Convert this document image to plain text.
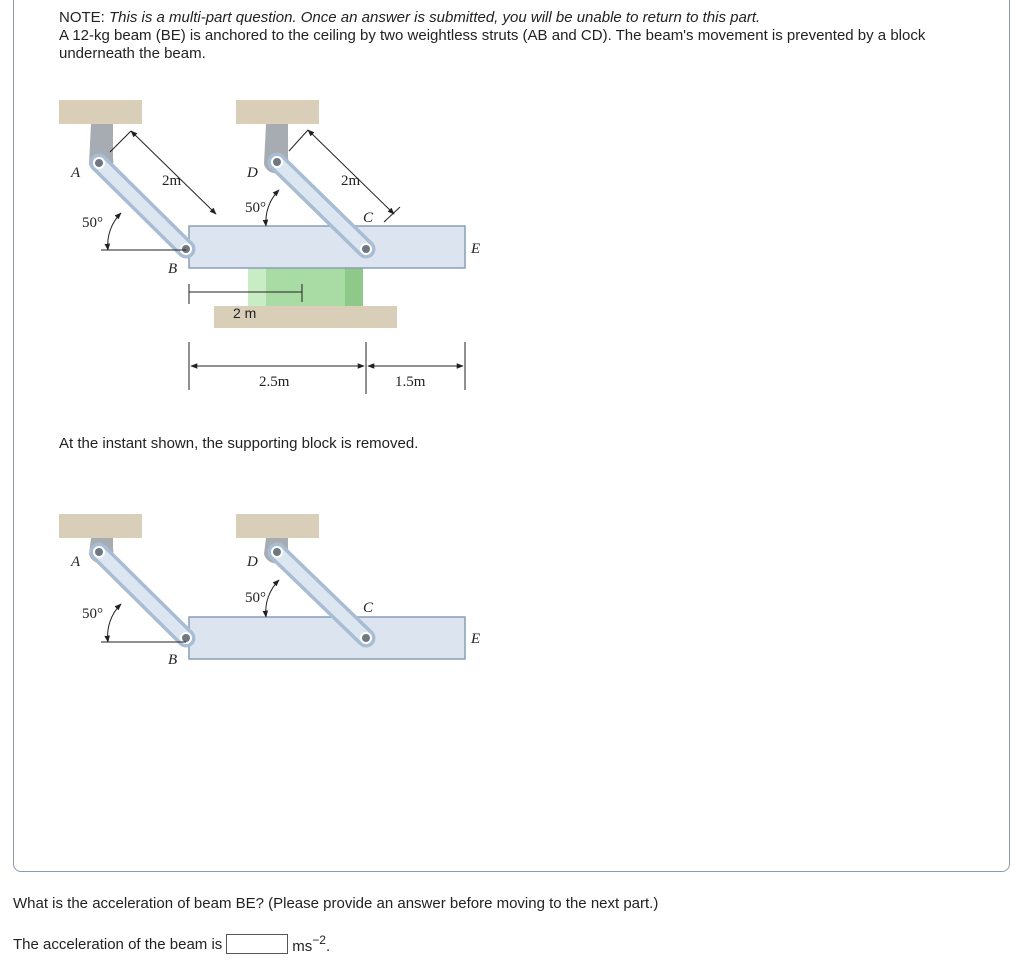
NOTE: This is a multi-part question. Once an answer is submitted, you will be unable to return to this part.

A 12-kg beam (BE) is anchored to the ceiling by two weightless struts (AB and CD). The beam's movement is prevented by a block underneath the beam.

A
B
C
D
E
50°
50°
2m	2m
2 m
2.5m	1.5m
At the instant shown, the supporting block is removed.
A
B
C
D
E
50°
50°
What is the acceleration of beam BE? (Please provide an answer before moving to the next part.)
The acceleration of the beam is	$ms^{-2}$.
